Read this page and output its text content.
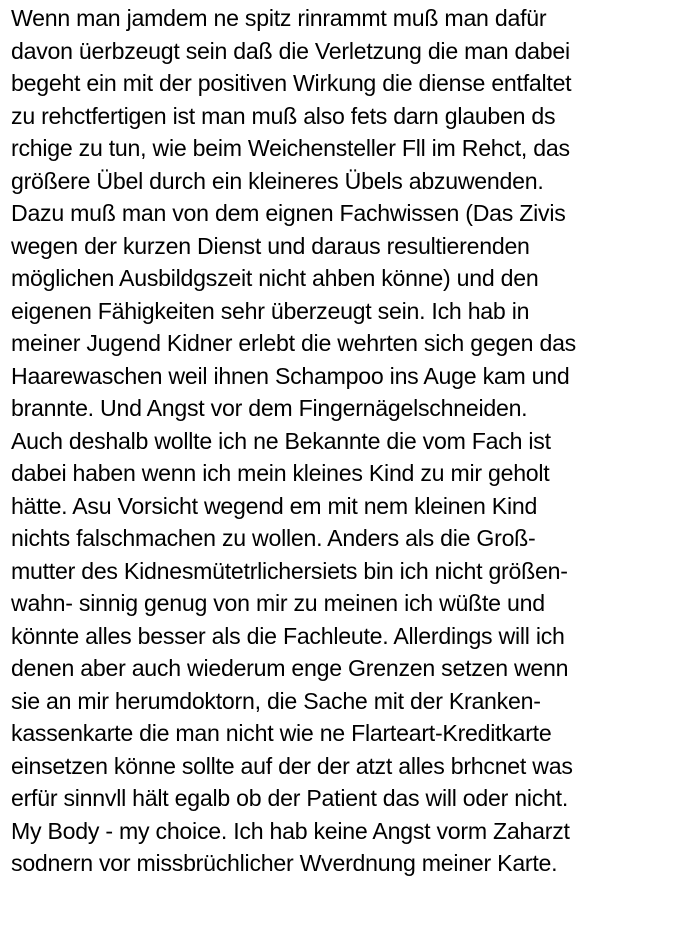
Wenn man jamdem ne spitz rinrammt muß man dafür
davon üerbzeugt sein daß die Verletzung die man dabei
begeht ein mit der positiven Wirkung die diense entfaltet
zu rehctfertigen ist man muß also fets darn glauben ds
rchige zu tun, wie beim Weichensteller Fll im Rehct, das
größere Übel durch ein kleineres Übels abzuwenden.
Dazu muß man von dem eignen Fachwissen (Das Zivis
wegen der kurzen Dienst und daraus resultierenden
möglichen Ausbildgszeit nicht ahben könne) und den
eigenen Fähigkeiten sehr überzeugt sein. Ich hab in
meiner Jugend Kidner erlebt die wehrten sich gegen das
Haarewaschen weil ihnen Schampoo ins Auge kam und
brannte. Und Angst vor dem Fingernägelschneiden.
Auch deshalb wollte ich ne Bekannte die vom Fach ist
dabei haben wenn ich mein kleines Kind zu mir geholt
hätte. Asu Vorsicht wegend em mit nem kleinen Kind
nichts falschmachen zu wollen. Anders als die Groß-
mutter des Kidnesmütetrlichersiets bin ich nicht größen-
wahn- sinnig genug von mir zu meinen ich wüßte und
könnte alles besser als die Fachleute. Allerdings will ich
denen aber auch wiederum enge Grenzen setzen wenn
sie an mir herumdoktorn, die Sache mit der Kranken-
kassenkarte die man nicht wie ne Flarteart-Kreditkarte
einsetzen könne sollte auf der der atzt alles brhcnet was
erfür sinnvll hält egalb ob der Patient das will oder nicht.
My Body - my choice. Ich hab keine Angst vorm Zaharzt
sodnern vor missbrüchlicher Wverdnung meiner Karte.
